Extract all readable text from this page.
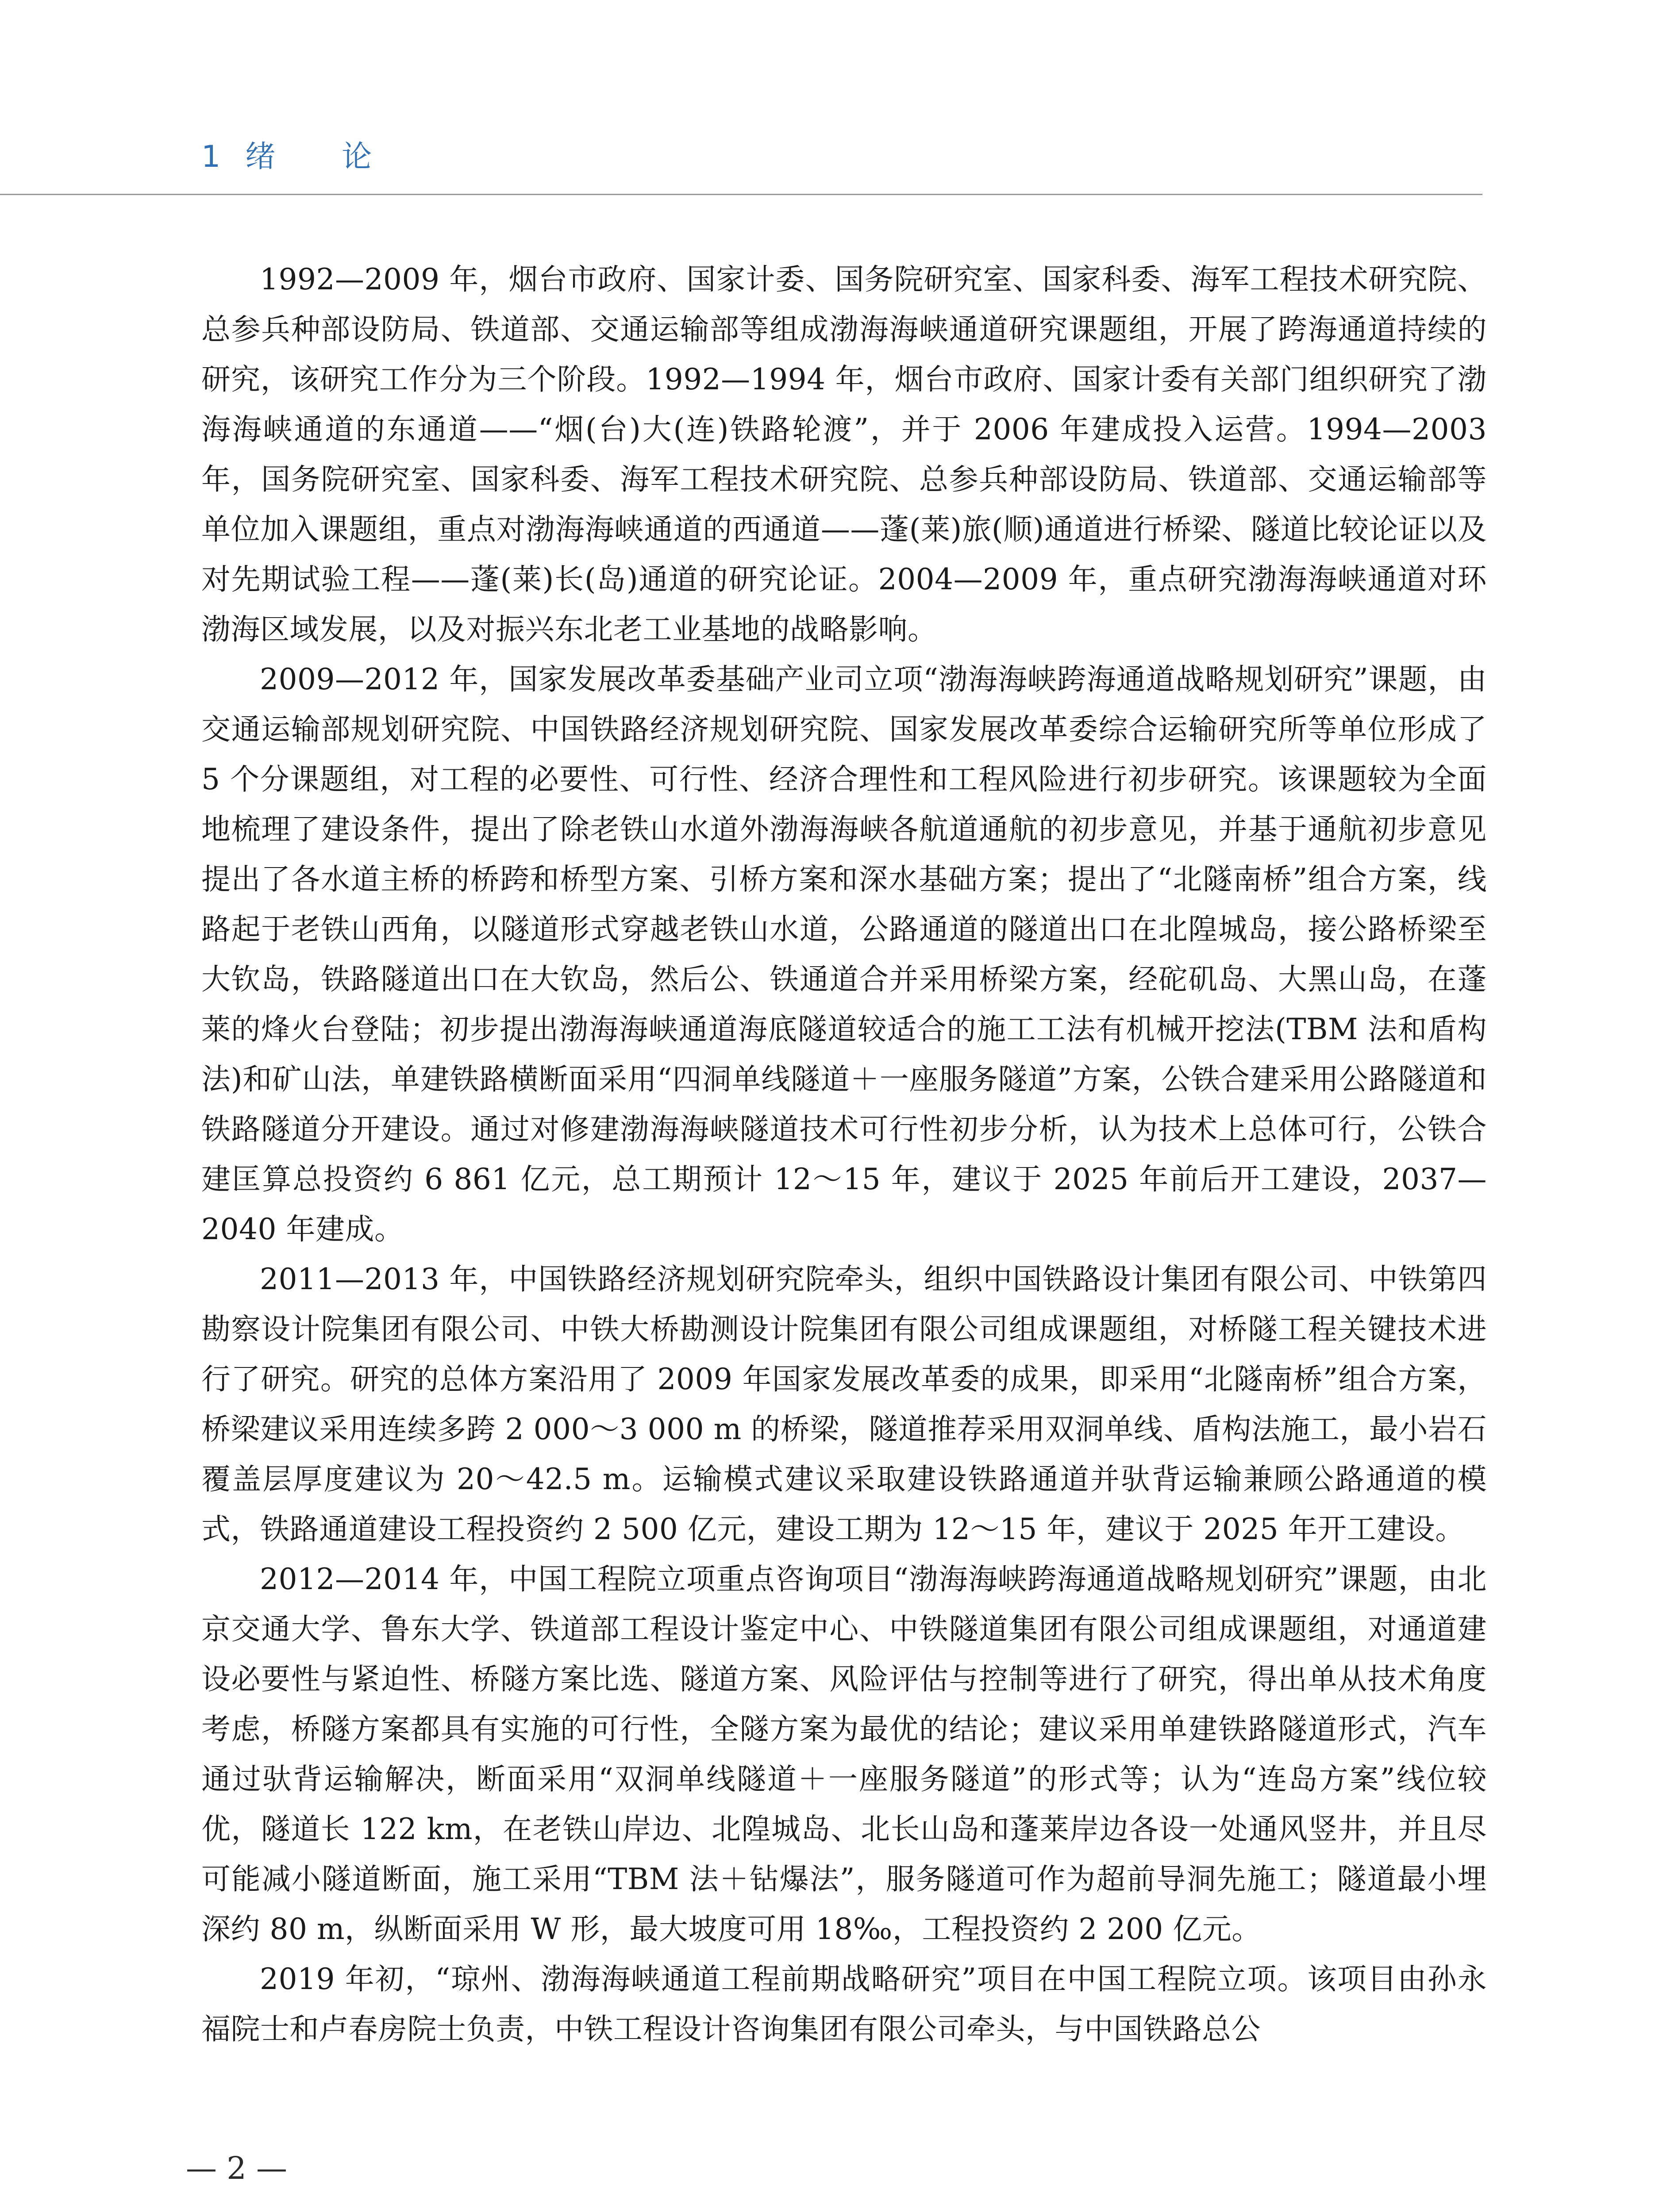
1 绪论

1992—2009 年，烟台市政府、国家计委、国务院研究室、国家科委、海军工程技术研究院、总参兵种部设防局、铁道部、交通运输部等组成渤海海峡通道研究课题组，开展了跨海通道持续的研究，该研究工作分为三个阶段。1992—1994 年，烟台市政府、国家计委有关部门组织研究了渤海海峡通道的东通道——“烟(台)大(连)铁路轮渡”，并于 2006 年建成投入运营。1994—2003 年，国务院研究室、国家科委、海军工程技术研究院、总参兵种部设防局、铁道部、交通运输部等单位加入课题组，重点对渤海海峡通道的西通道——蓬(莱)旅(顺)通道进行桥梁、隧道比较论证以及对先期试验工程——蓬(莱)长(岛)通道的研究论证。2004—2009 年，重点研究渤海海峡通道对环渤海区域发展，以及对振兴东北老工业基地的战略影响。

2009—2012 年，国家发展改革委基础产业司立项“渤海海峡跨海通道战略规划研究”课题，由交通运输部规划研究院、中国铁路经济规划研究院、国家发展改革委综合运输研究所等单位形成了 5 个分课题组，对工程的必要性、可行性、经济合理性和工程风险进行初步研究。该课题较为全面地梳理了建设条件，提出了除老铁山水道外渤海海峡各航道通航的初步意见，并基于通航初步意见提出了各水道主桥的桥跨和桥型方案、引桥方案和深水基础方案；提出了“北隧南桥”组合方案，线路起于老铁山西角，以隧道形式穿越老铁山水道，公路通道的隧道出口在北隍城岛，接公路桥梁至大钦岛，铁路隧道出口在大钦岛，然后公、铁通道合并采用桥梁方案，经砣矶岛、大黑山岛，在蓬莱的烽火台登陆；初步提出渤海海峡通道海底隧道较适合的施工工法有机械开挖法(TBM 法和盾构法)和矿山法，单建铁路横断面采用“四洞单线隧道＋一座服务隧道”方案，公铁合建采用公路隧道和铁路隧道分开建设。通过对修建渤海海峡隧道技术可行性初步分析，认为技术上总体可行，公铁合建匡算总投资约 6 861 亿元，总工期预计 12～15 年，建议于 2025 年前后开工建设，2037—2040 年建成。

2011—2013 年，中国铁路经济规划研究院牵头，组织中国铁路设计集团有限公司、中铁第四勘察设计院集团有限公司、中铁大桥勘测设计院集团有限公司组成课题组，对桥隧工程关键技术进行了研究。研究的总体方案沿用了 2009 年国家发展改革委的成果，即采用“北隧南桥”组合方案，桥梁建议采用连续多跨 2 000～3 000 m 的桥梁，隧道推荐采用双洞单线、盾构法施工，最小岩石覆盖层厚度建议为 20～42.5 m。运输模式建议采取建设铁路通道并驮背运输兼顾公路通道的模式，铁路通道建设工程投资约 2 500 亿元，建设工期为 12～15 年，建议于 2025 年开工建设。

2012—2014 年，中国工程院立项重点咨询项目“渤海海峡跨海通道战略规划研究”课题，由北京交通大学、鲁东大学、铁道部工程设计鉴定中心、中铁隧道集团有限公司组成课题组，对通道建设必要性与紧迫性、桥隧方案比选、隧道方案、风险评估与控制等进行了研究，得出单从技术角度考虑，桥隧方案都具有实施的可行性，全隧方案为最优的结论；建议采用单建铁路隧道形式，汽车通过驮背运输解决，断面采用“双洞单线隧道＋一座服务隧道”的形式等；认为“连岛方案”线位较优，隧道长 122 km，在老铁山岸边、北隍城岛、北长山岛和蓬莱岸边各设一处通风竖井，并且尽可能减小隧道断面，施工采用“TBM 法＋钻爆法”，服务隧道可作为超前导洞先施工；隧道最小埋深约 80 m，纵断面采用 W 形，最大坡度可用 18‰，工程投资约 2 200 亿元。

2019 年初，“琼州、渤海海峡通道工程前期战略研究”项目在中国工程院立项。该项目由孙永福院士和卢春房院士负责，中铁工程设计咨询集团有限公司牵头，与中国铁路总公

— 2 —
